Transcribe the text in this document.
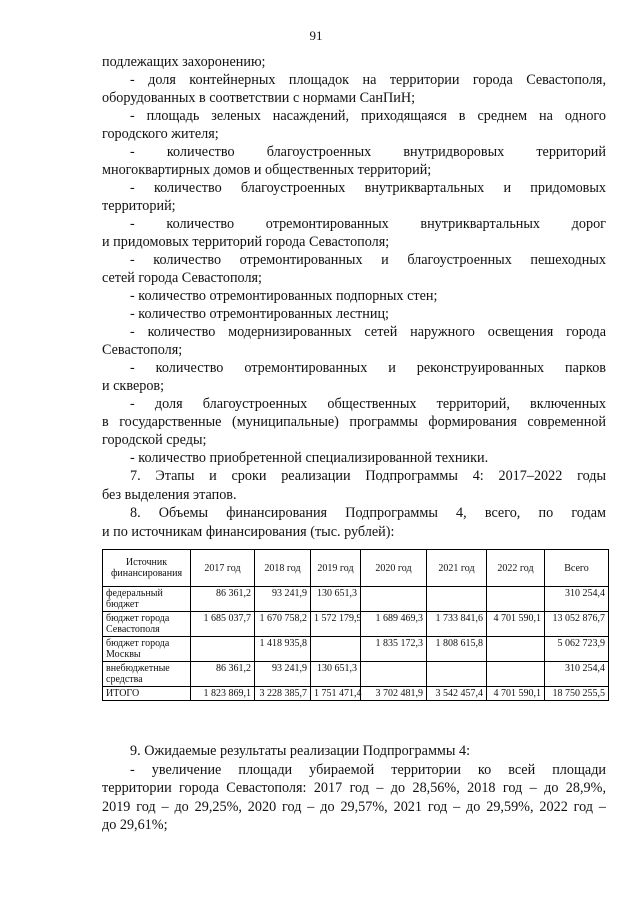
91
подлежащих захоронению;
- доля контейнерных площадок на территории города Севастополя,
оборудованных в соответствии с нормами СанПиН;
- площадь зеленых насаждений, приходящаяся в среднем на одного
городского жителя;
- количество благоустроенных внутридворовых территорий
многоквартирных домов и общественных территорий;
- количество благоустроенных внутриквартальных и придомовых
территорий;
- количество отремонтированных внутриквартальных дорог
и придомовых территорий города Севастополя;
- количество отремонтированных и благоустроенных пешеходных
сетей города Севастополя;
- количество отремонтированных подпорных стен;
- количество отремонтированных лестниц;
- количество модернизированных сетей наружного освещения города
Севастополя;
- количество отремонтированных и реконструированных парков
и скверов;
- доля благоустроенных общественных территорий, включенных
в государственные (муниципальные) программы формирования современной
городской среды;
- количество приобретенной специализированной техники.
7. Этапы и сроки реализации Подпрограммы 4: 2017–2022 годы
без выделения этапов.
8. Объемы финансирования Подпрограммы 4, всего, по годам
и по источникам финансирования (тыс. рублей):
Источник финансирования	2017 год	2018 год	2019 год	2020 год	2021 год	2022 год	Всего
федеральный бюджет	86 361,2	93 241,9	130 651,3				310 254,4
бюджет города Севастополя	1 685 037,7	1 670 758,2	1 572 179,9	1 689 469,3	1 733 841,6	4 701 590,1	13 052 876,7
бюджет города Москвы		1 418 935,8		1 835 172,3	1 808 615,8		5 062 723,9
внебюджетные средства	86 361,2	93 241,9	130 651,3				310 254,4
ИТОГО	1 823 869,1	3 228 385,7	1 751 471,4	3 702 481,9	3 542 457,4	4 701 590,1	18 750 255,5
9. Ожидаемые результаты реализации Подпрограммы 4:
- увеличение площади убираемой территории ко всей площади
территории города Севастополя: 2017 год – до 28,56%, 2018 год – до 28,9%,
2019 год – до 29,25%, 2020 год – до 29,57%, 2021 год – до 29,59%, 2022 год –
до 29,61%;
